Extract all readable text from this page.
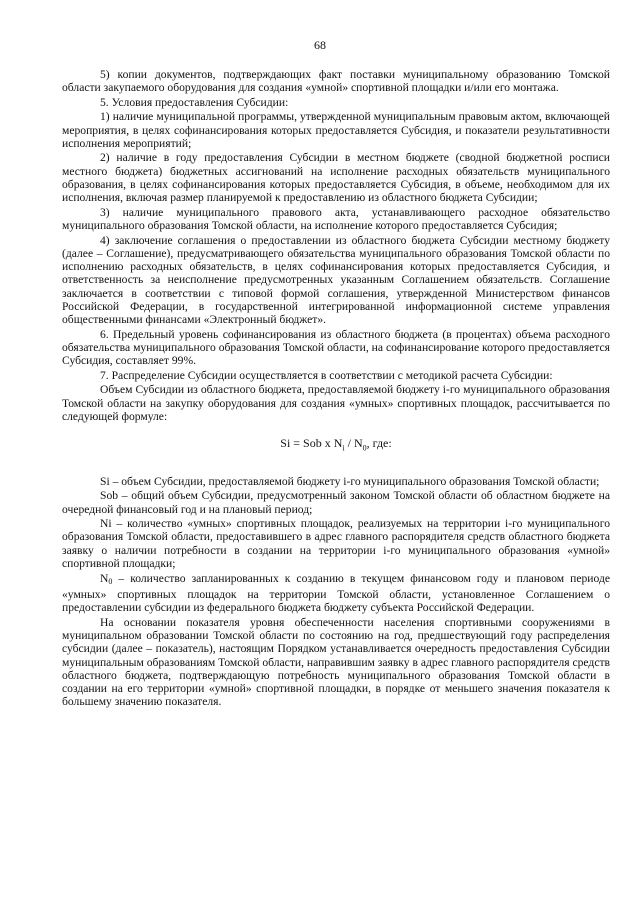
68

5) копии документов, подтверждающих факт поставки муниципальному образованию Томской области закупаемого оборудования для создания «умной» спортивной площадки и/или его монтажа.

5. Условия предоставления Субсидии:

1) наличие муниципальной программы, утвержденной муниципальным правовым актом, включающей мероприятия, в целях софинансирования которых предоставляется Субсидия, и показатели результативности исполнения мероприятий;

2) наличие в году предоставления Субсидии в местном бюджете (сводной бюджетной росписи местного бюджета) бюджетных ассигнований на исполнение расходных обязательств муниципального образования, в целях софинансирования которых предоставляется Субсидия, в объеме, необходимом для их исполнения, включая размер планируемой к предоставлению из областного бюджета Субсидии;

3) наличие муниципального правового акта, устанавливающего расходное обязательство муниципального образования Томской области, на исполнение которого предоставляется Субсидия;

4) заключение соглашения о предоставлении из областного бюджета Субсидии местному бюджету (далее – Соглашение), предусматривающего обязательства муниципального образования Томской области по исполнению расходных обязательств, в целях софинансирования которых предоставляется Субсидия, и ответственность за неисполнение предусмотренных указанным Соглашением обязательств. Соглашение заключается в соответствии с типовой формой соглашения, утвержденной Министерством финансов Российской Федерации, в государственной интегрированной информационной системе управления общественными финансами «Электронный бюджет».

6. Предельный уровень софинансирования из областного бюджета (в процентах) объема расходного обязательства муниципального образования Томской области, на софинансирование которого предоставляется Субсидия, составляет 99%.

7. Распределение Субсидии осуществляется в соответствии с методикой расчета Субсидии:

Объем Субсидии из областного бюджета, предоставляемой бюджету i-го муниципального образования Томской области на закупку оборудования для создания «умных» спортивных площадок, рассчитывается по следующей формуле:

Si = Sob x $N_i / N_0$, где:

Si – объем Субсидии, предоставляемой бюджету i-го муниципального образования Томской области;

Sob – общий объем Субсидии, предусмотренный законом Томской области об областном бюджете на очередной финансовый год и на плановый период;

Ni – количество «умных» спортивных площадок, реализуемых на территории i-го муниципального образования Томской области, предоставившего в адрес главного распорядителя средств областного бюджета заявку о наличии потребности в создании на территории i-го муниципального образования «умной» спортивной площадки;

$N_0$ – количество запланированных к созданию в текущем финансовом году и плановом периоде «умных» спортивных площадок на территории Томской области, установленное Соглашением о предоставлении субсидии из федерального бюджета бюджету субъекта Российской Федерации.

На основании показателя уровня обеспеченности населения спортивными сооружениями в муниципальном образовании Томской области по состоянию на год, предшествующий году распределения субсидии (далее – показатель), настоящим Порядком устанавливается очередность предоставления Субсидии муниципальным образованиям Томской области, направившим заявку в адрес главного распорядителя средств областного бюджета, подтверждающую потребность муниципального образования Томской области в создании на его территории «умной» спортивной площадки, в порядке от меньшего значения показателя к большему значению показателя.
